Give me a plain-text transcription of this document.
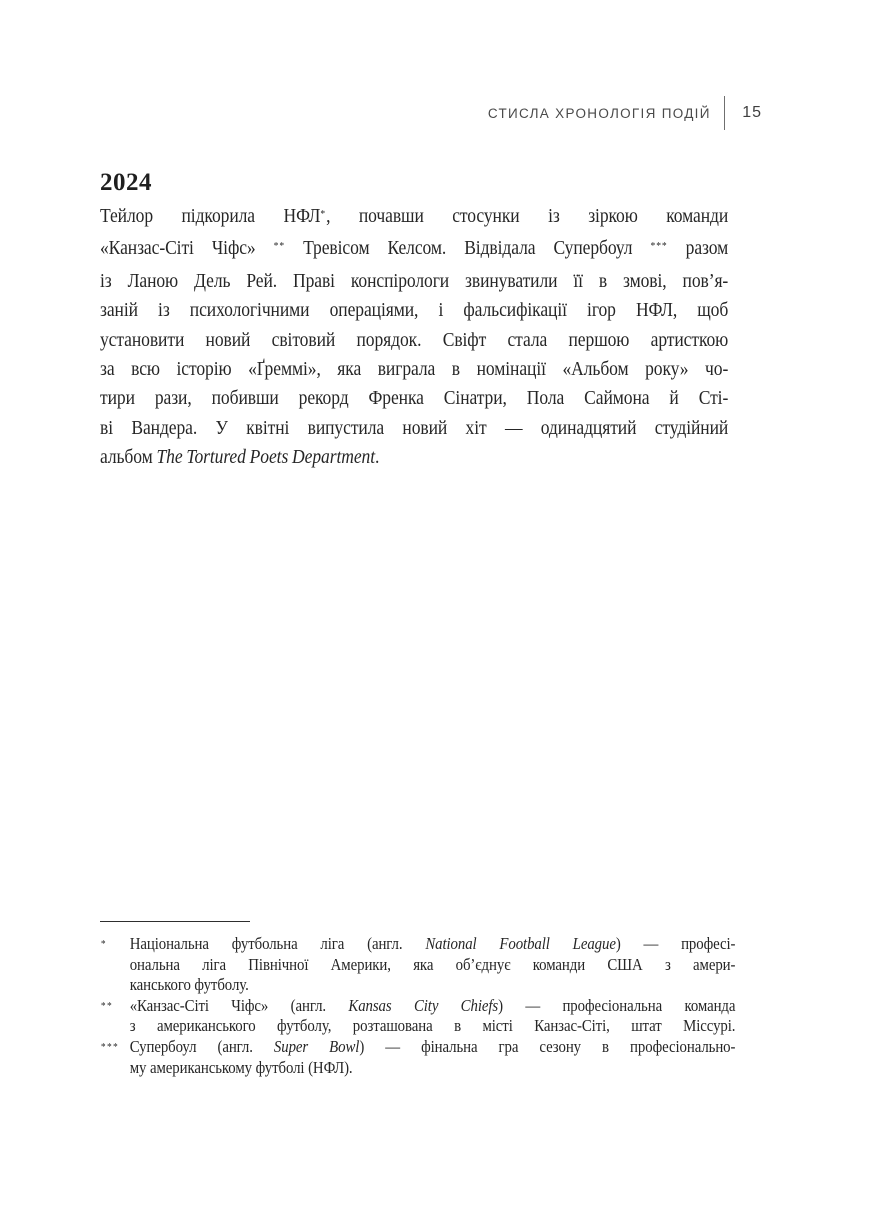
СТИСЛА ХРОНОЛОГІЯ ПОДІЙ 15
2024
Тейлор підкорила НФЛ*, почавши стосунки із зіркою команди
«Канзас-Сіті Чіфс» ** Тревісом Келсом. Відвідала Супербоул *** разом
із Ланою Дель Рей. Праві конспірологи звинуватили її в змові, пов’я-
заній із психологічними операціями, і фальсифікації ігор НФЛ, щоб
установити новий світовий порядок. Свіфт стала першою артисткою
за всю історію «Ґреммі», яка виграла в номінації «Альбом року» чо-
тири рази, побивши рекорд Френка Сінатри, Пола Саймона й Сті-
ві Вандера. У квітні випустила новий хіт — одинадцятий студійний
альбом The Tortured Poets Department.
* Національна футбольна ліга (англ. National Football League) — професі-
ональна ліга Північної Америки, яка об’єднує команди США з амери-
канського футболу.
** «Канзас-Сіті Чіфс» (англ. Kansas City Chiefs) — професіональна команда
з американського футболу, розташована в місті Канзас-Сіті, штат Міссурі.
*** Супербоул (англ. Super Bowl) — фінальна гра сезону в професіонально-
му американському футболі (НФЛ).
